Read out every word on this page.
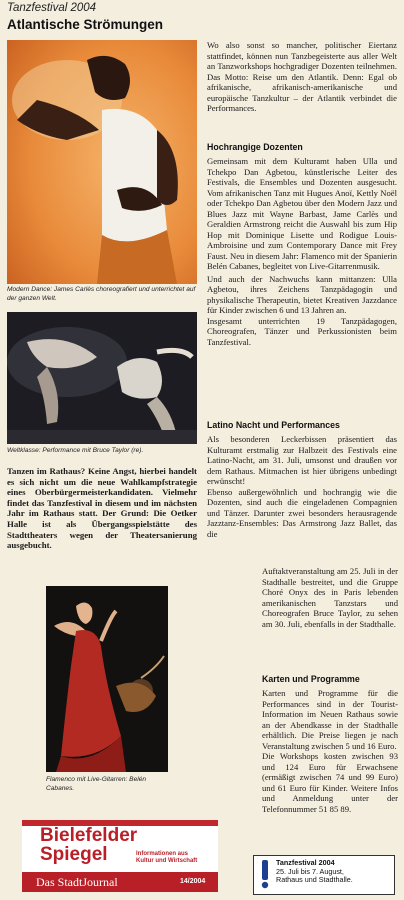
Tanzfestival 2004
Atlantische Strömungen
Modern Dance: James Carlès choreografiert und unterrichtet auf der ganzen Welt.
Weltklasse: Performance mit Bruce Taylor (re).
Tanzen im Rathaus? Keine Angst, hierbei handelt es sich nicht um die neue Wahlkampfstrategie eines Oberbürgermeisterkandidaten. Vielmehr findet das Tanzfestival in diesem und im nächsten Jahr im Rathaus statt. Der Grund: Die Oetker Halle ist als Übergangsspielstätte des Stadttheaters wegen der Theatersanierung ausgebucht.
Flamenco mit Live-Gitarren: Belén Cabanes.

Wo also sonst so mancher, politischer Eiertanz stattfindet, können nun Tanzbegeisterte aus aller Welt an Tanzworkshops hochgradiger Dozenten teilnehmen. Das Motto: Reise um den Atlantik. Denn: Egal ob afrikanische, afrikanisch-amerikanische und europäische Tanzkultur – der Atlantik verbindet die Performances.

Hochrangige Dozenten

Gemeinsam mit dem Kulturamt haben Ulla und Tchekpo Dan Agbetou, künstlerische Leiter des Festivals, die Ensembles und Dozenten ausgesucht. Vom afrikanischen Tanz mit Hugues Anoï, Kettly Noël oder Tchekpo Dan Agbetou über den Modern Jazz und Blues Jazz mit Wayne Barbast, Jame Carlès und Geraldien Armstrong reicht die Auswahl bis zum Hip Hop mit Dominique Lisette und Rodigue Louis-Ambroisine und zum Contemporary Dance mit Frey Faust. Neu in diesem Jahr: Flamenco mit der Spanierin Belén Cabanes, begleitet von Live-Gitarrenmusik.

Und auch der Nachwuchs kann mittanzen: Ulla Agbetou, ihres Zeichens Tanzpädagogin und physikalische Therapeutin, bietet Kreativen Jazzdance für Kinder zwischen 6 und 13 Jahren an.

Insgesamt unterrichten 19 Tanzpädagogen, Choreografen, Tänzer und Perkussionisten beim Tanzfestival.

Latino Nacht und Performances

Als besonderen Leckerbissen präsentiert das Kulturamt erstmalig zur Halbzeit des Festivals eine Latino-Nacht, am 31. Juli, umsonst und draußen vor dem Rathaus. Mitmachen ist hier übrigens unbedingt erwünscht!

Ebenso außergewöhnlich und hochrangig wie die Dozenten, sind auch die eingeladenen Compagnien und Tänzer. Darunter zwei besonders herausragende Jazztanz-Ensembles: Das Armstrong Jazz Ballet, das die

Auftaktveranstaltung am 25. Juli in der Stadthalle bestreitet, und die Gruppe Choré Onyx des in Paris lebenden amerikanischen Tanzstars und Choreografen Bruce Taylor, zu sehen am 30. Juli, ebenfalls in der Stadthalle.

Karten und Programme

Karten und Programme für die Performances sind in der Tourist-Information im Neuen Rathaus sowie an der Abendkasse in der Stadthalle erhältlich. Die Preise liegen je nach Veranstaltung zwischen 5 und 16 Euro.

Die Workshops kosten zwischen 93 und 124 Euro für Erwachsene (ermäßigt zwischen 74 und 99 Euro) und 61 Euro für Kinder. Weitere Infos und Anmeldung unter der Telefonnummer 51 85 89.

Bielefelder
Spiegel	Informationen aus
Kultur und Wirtschaft
Das StadtJournal	14/2004
Tanzfestival 2004
25. Juli bis 7. August,
Rathaus und Stadthalle.
